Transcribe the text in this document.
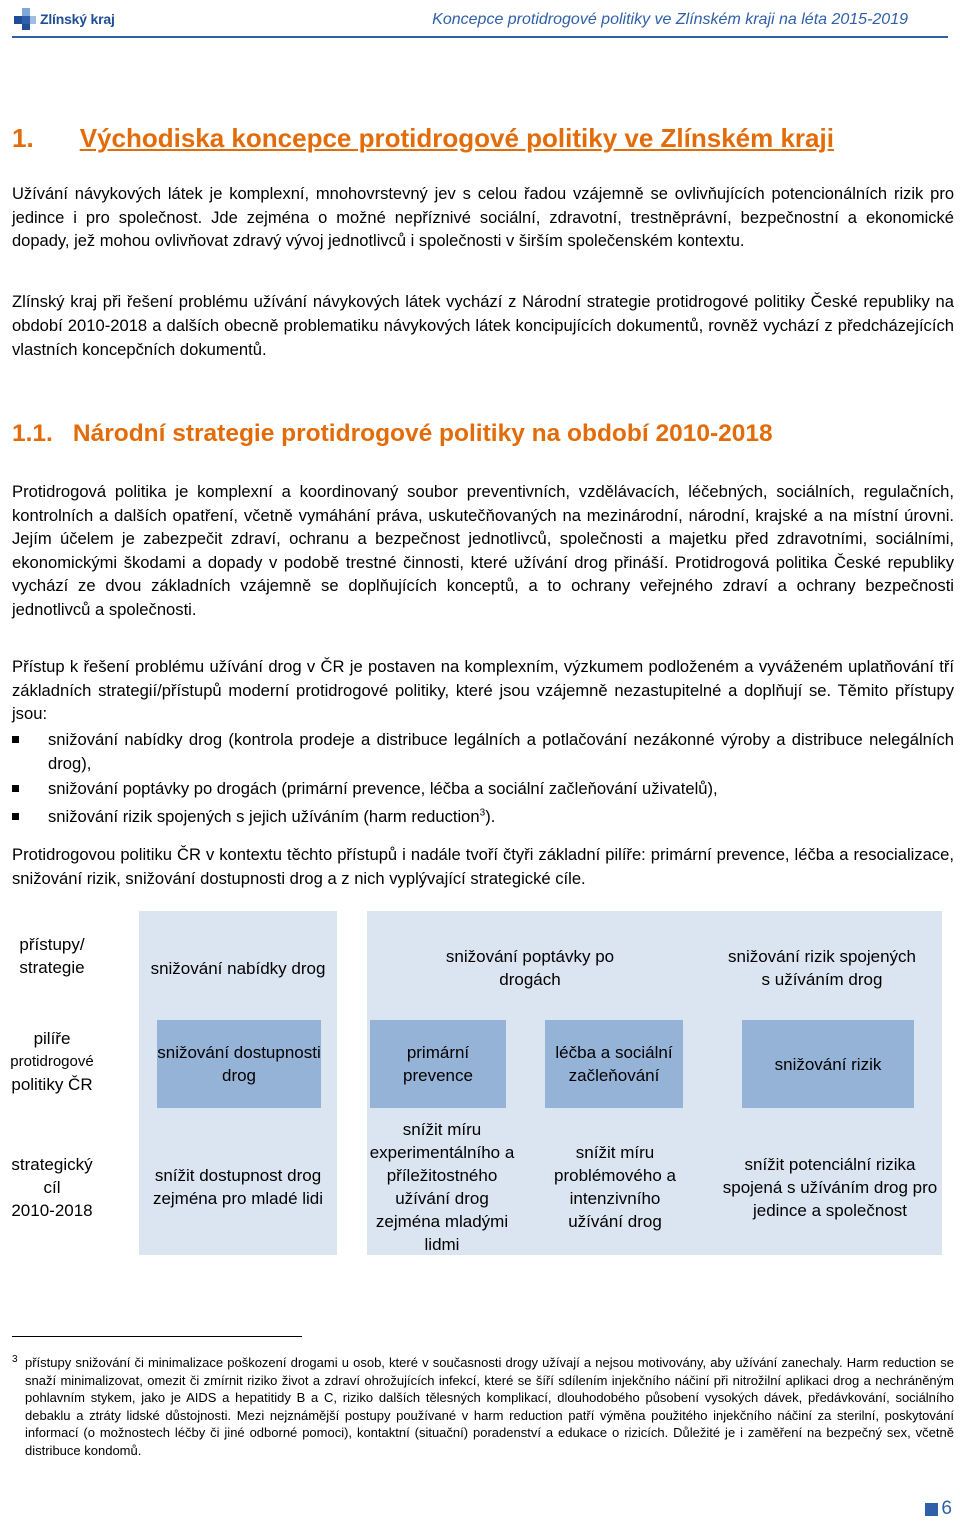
Zlínský kraj	Koncepce protidrogové politiky ve Zlínském kraji na léta 2015-2019
1. Východiska koncepce protidrogové politiky ve Zlínském kraji

Užívání návykových látek je komplexní, mnohovrstevný jev s celou řadou vzájemně se ovlivňujících potencionálních rizik pro jedince i pro společnost. Jde zejména o možné nepříznivé sociální, zdravotní, trestněprávní, bezpečnostní a ekonomické dopady, jež mohou ovlivňovat zdravý vývoj jednotlivců i společnosti v širším společenském kontextu.

Zlínský kraj při řešení problému užívání návykových látek vychází z Národní strategie protidrogové politiky České republiky na období 2010-2018 a dalších obecně problematiku návykových látek koncipujících dokumentů, rovněž vychází z předcházejících vlastních koncepčních dokumentů.

1.1. Národní strategie protidrogové politiky na období 2010-2018

Protidrogová politika je komplexní a koordinovaný soubor preventivních, vzdělávacích, léčebných, sociálních, regulačních, kontrolních a dalších opatření, včetně vymáhání práva, uskutečňovaných na mezinárodní, národní, krajské a na místní úrovni. Jejím účelem je zabezpečit zdraví, ochranu a bezpečnost jednotlivců, společnosti a majetku před zdravotními, sociálními, ekonomickými škodami a dopady v podobě trestné činnosti, které užívání drog přináší. Protidrogová politika České republiky vychází ze dvou základních vzájemně se doplňujících konceptů, a to ochrany veřejného zdraví a ochrany bezpečnosti jednotlivců a společnosti.

Přístup k řešení problému užívání drog v ČR je postaven na komplexním, výzkumem podloženém a vyváženém uplatňování tří základních strategií/přístupů moderní protidrogové politiky, které jsou vzájemně nezastupitelné a doplňují se. Těmito přístupy jsou:

snižování nabídky drog (kontrola prodeje a distribuce legálních a potlačování nezákonné výroby a distribuce nelegálních drog),
snižování poptávky po drogách (primární prevence, léčba a sociální začleňování uživatelů),
snižování rizik spojených s jejich užíváním (harm reduction$^3$).

Protidrogovou politiku ČR v kontextu těchto přístupů i nadále tvoří čtyři základní pilíře: primární prevence, léčba a resocializace, snižování rizik, snižování dostupnosti drog a z nich vyplývající strategické cíle.

přístupy/ strategie
pilíře
protidrogové
politiky ČR
strategický
cíl
2010-2018
snižování nabídky drog
snižování poptávky po drogách
snižování rizik spojených s užíváním drog
snižování dostupnosti drog
primární prevence
léčba a sociální začleňování
snižování rizik
snížit dostupnost drog zejména pro mladé lidi
snížit míru experimentálního a příležitostného užívání drog zejména mladými lidmi
snížit míru problémového a intenzivního užívání drog
snížit potenciální rizika spojená s užíváním drog pro jedince a společnost
3 přístupy snižování či minimalizace poškození drogami u osob, které v současnosti drogy užívají a nejsou motivovány, aby užívání zanechaly. Harm reduction se snaží minimalizovat, omezit či zmírnit riziko život a zdraví ohrožujících infekcí, které se šíří sdílením injekčního náčiní při nitrožilní aplikaci drog a nechráněným pohlavním stykem, jako je AIDS a hepatitidy B a C, riziko dalších tělesných komplikací, dlouhodobého působení vysokých dávek, předávkování, sociálního debaklu a ztráty lidské důstojnosti. Mezi nejznámější postupy používané v harm reduction patří výměna použitého injekčního náčiní za sterilní, poskytování informací (o možnostech léčby či jiné odborné pomoci), kontaktní (situační) poradenství a edukace o rizicích. Důležité je i zaměření na bezpečný sex, včetně distribuce kondomů.
6
